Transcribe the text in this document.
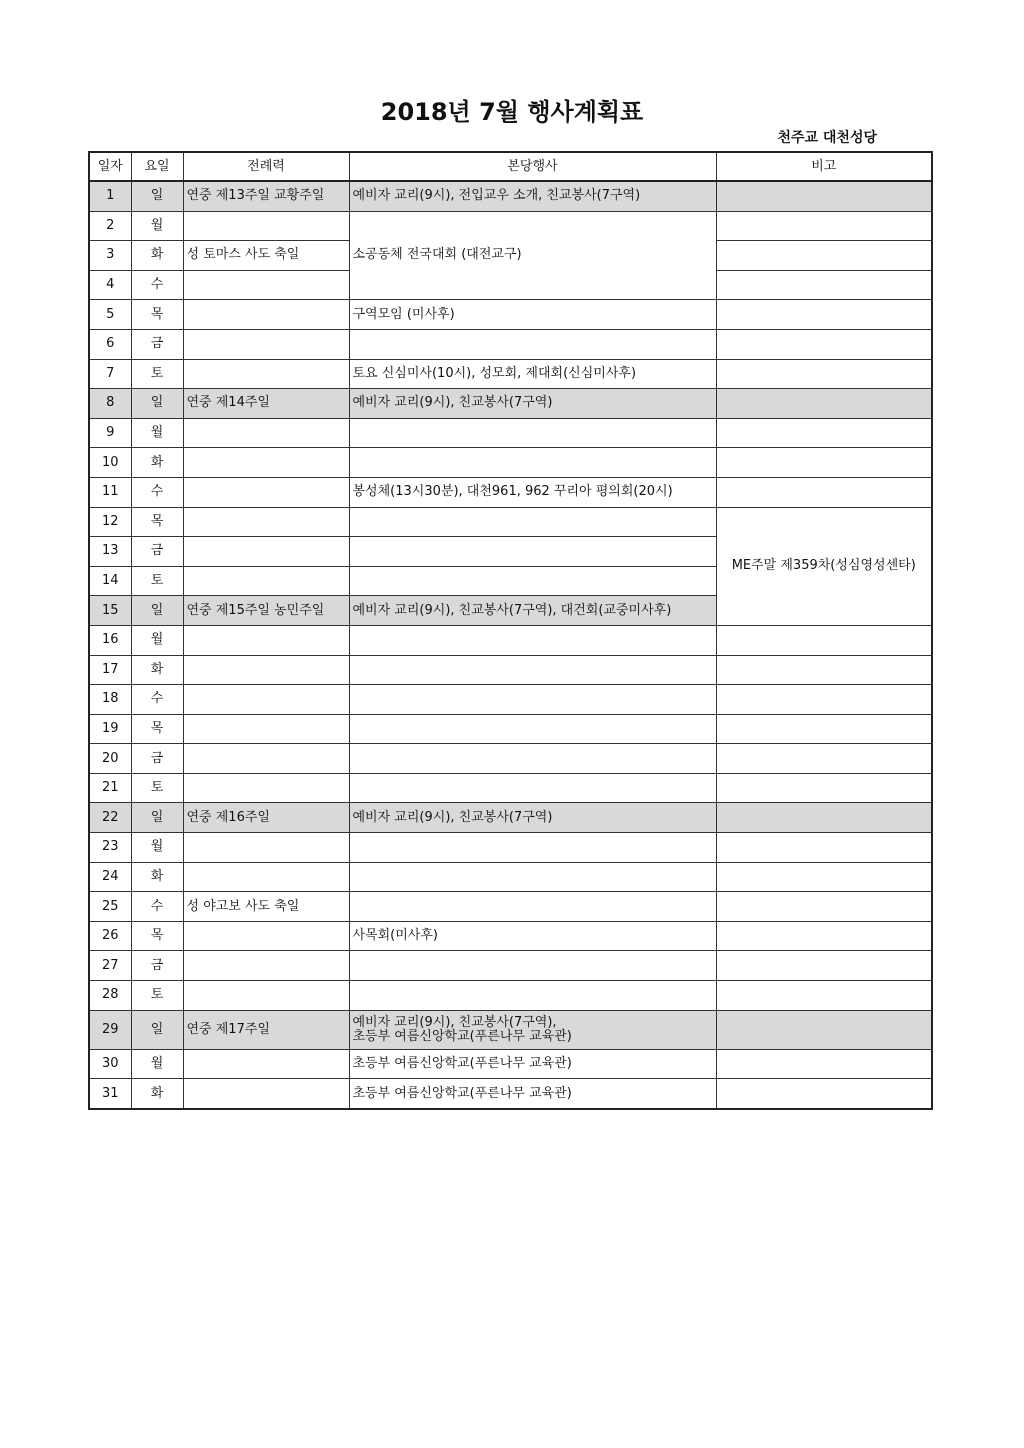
2018년 7월 행사계획표
천주교 대천성당
일자	요일	전례력	본당행사	비고
1	일	연중 제13주일 교황주일	예비자 교리(9시), 전입교우 소개, 친교봉사(7구역)	
2	월		소공동체 전국대회 (대전교구)	
3	화	성 토마스 사도 축일		
4	수			
5	목		구역모임 (미사후)	
6	금			
7	토		토요 신심미사(10시), 성모회, 제대회(신심미사후)	
8	일	연중 제14주일	예비자 교리(9시), 친교봉사(7구역)	
9	월			
10	화			
11	수		봉성체(13시30분), 대천961, 962 꾸리아 평의회(20시)	
12	목			ME주말 제359차(성심영성센타)
13	금			
14	토			
15	일	연중 제15주일 농민주일	예비자 교리(9시), 친교봉사(7구역), 대건회(교중미사후)	
16	월			
17	화			
18	수			
19	목			
20	금			
21	토			
22	일	연중 제16주일	예비자 교리(9시), 친교봉사(7구역)	
23	월			
24	화			
25	수	성 야고보 사도 축일		
26	목		사목회(미사후)	
27	금			
28	토			
29	일	연중 제17주일	예비자 교리(9시), 친교봉사(7구역),
초등부 여름신앙학교(푸른나무 교육관)	

30	월		초등부 여름신앙학교(푸른나무 교육관)	
31	화		초등부 여름신앙학교(푸른나무 교육관)	
